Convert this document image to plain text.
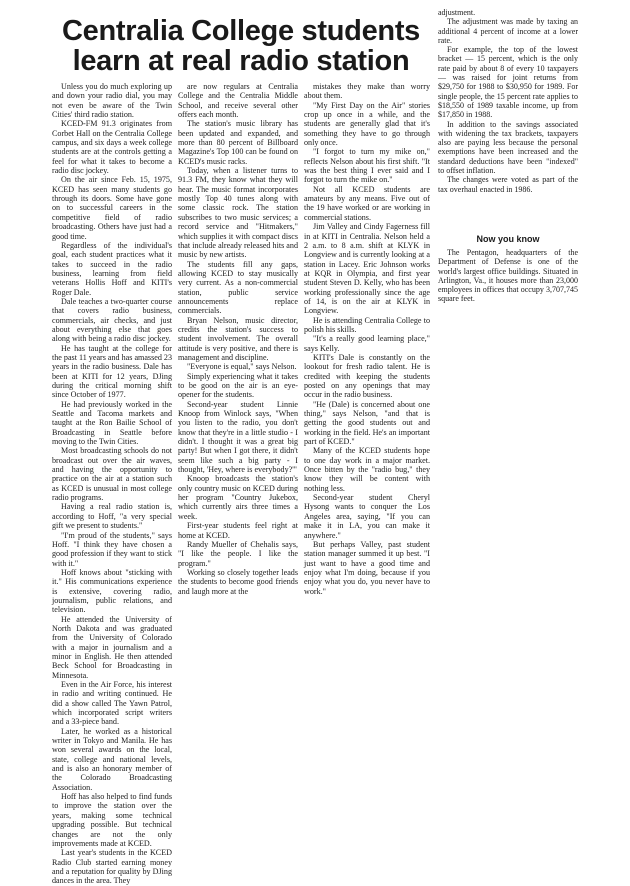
Centralia College students learn at real radio station

Unless you do much exploring up and down your radio dial, you may not even be aware of the Twin Cities' third radio station.

KCED-FM 91.3 originates from Corbet Hall on the Centralia College campus, and six days a week college students are at the controls getting a feel for what it takes to become a radio disc jockey.

On the air since Feb. 15, 1975, KCED has seen many students go through its doors. Some have gone on to successful careers in the competitive field of radio broadcasting. Others have just had a good time.

Regardless of the individual's goal, each student practices what it takes to succeed in the radio business, learning from field veterans Hollis Hoff and KITI's Roger Dale.

Dale teaches a two-quarter course that covers radio business, commercials, air checks, and just about everything else that goes along with being a radio disc jockey.

He has taught at the college for the past 11 years and has amassed 23 years in the radio business. Dale has been at KITI for 12 years, DJing during the critical morning shift since October of 1977.

He had previously worked in the Seattle and Tacoma markets and taught at the Ron Bailie School of Broadcasting in Seattle before moving to the Twin Cities.

Most broadcasting schools do not broadcast out over the air waves, and having the opportunity to practice on the air at a station such as KCED is unusual in most college radio programs.

Having a real radio station is, according to Hoff, "a very special gift we present to students."

"I'm proud of the students," says Hoff. "I think they have chosen a good profession if they want to stick with it."

Hoff knows about "sticking with it." His communications experience is extensive, covering radio, journalism, public relations, and television.

He attended the University of North Dakota and was graduated from the University of Colorado with a major in journalism and a minor in English. He then attended Beck School for Broadcasting in Minnesota.

Even in the Air Force, his interest in radio and writing continued. He did a show called The Yawn Patrol, which incorporated script writers and a 33-piece band.

Later, he worked as a historical writer in Tokyo and Manila. He has won several awards on the local, state, college and national levels, and is also an honorary member of the Colorado Broadcasting Association.

Hoff has also helped to find funds to improve the station over the years, making some technical upgrading possible. But technical changes are not the only improvements made at KCED.

Last year's students in the KCED Radio Club started earning money and a reputation for quality by DJing dances in the area. They

are now regulars at Centralia College and the Centralia Middle School, and receive several other offers each month.

The station's music library has been updated and expanded, and more than 80 percent of Billboard Magazine's Top 100 can be found on KCED's music racks.

Today, when a listener turns to 91.3 FM, they know what they will hear. The music format incorporates mostly Top 40 tunes along with some classic rock. The station subscribes to two music services; a record service and "Hitmakers," which supplies it with compact discs that include already released hits and music by new artists.

The students fill any gaps, allowing KCED to stay musically very current. As a non-commercial station, public service announcements replace commercials.

Bryan Nelson, music director, credits the station's success to student involvement. The overall attitude is very positive, and there is management and discipline.

"Everyone is equal," says Nelson.

Simply experiencing what it takes to be good on the air is an eye-opener for the students.

Second-year student Linnie Knoop from Winlock says, "When you listen to the radio, you don't know that they're in a little studio - I didn't. I thought it was a great big party! But when I got there, it didn't seem like such a big party - I thought, 'Hey, where is everybody?'"

Knoop broadcasts the station's only country music on KCED during her program "Country Jukebox, which currently airs three times a week.

First-year students feel right at home at KCED.

Randy Mueller of Chehalis says, "I like the people. I like the program."

Working so closely together leads the students to become good friends and laugh more at the

mistakes they make than worry about them.

"My First Day on the Air" stories crop up once in a while, and the students are generally glad that it's something they have to go through only once.

"I forgot to turn my mike on," reflects Nelson about his first shift. "It was the best thing I ever said and I forgot to turn the mike on."

Not all KCED students are amateurs by any means. Five out of the 19 have worked or are working in commercial stations.

Jim Valley and Cindy Fagerness fill in at KITI in Centralia. Nelson held a 2 a.m. to 8 a.m. shift at KLYK in Longview and is currently looking at a station in Lacey. Eric Johnson works at KQR in Olympia, and first year student Steven D. Kelly, who has been working professionally since the age of 14, is on the air at KLYK in Longview.

He is attending Centralia College to polish his skills.

"It's a really good learning place," says Kelly.

KITI's Dale is constantly on the lookout for fresh radio talent. He is credited with keeping the students posted on any openings that may occur in the radio business.

"He (Dale) is concerned about one thing," says Nelson, "and that is getting the good students out and working in the field. He's an important part of KCED."

Many of the KCED students hope to one day work in a major market. Once bitten by the "radio bug," they know they will be content with nothing less.

Second-year student Cheryl Hysong wants to conquer the Los Angeles area, saying, "If you can make it in LA, you can make it anywhere."

But perhaps Valley, past student station manager summed it up best. "I just want to have a good time and enjoy what I'm doing, because if you enjoy what you do, you never have to work."

adjustment.

The adjustment was made by taxing an additional 4 percent of income at a lower rate.

For example, the top of the lowest bracket — 15 percent, which is the only rate paid by about 8 of every 10 taxpayers — was raised for joint returns from $29,750 for 1988 to $30,950 for 1989. For single people, the 15 percent rate applies to $18,550 of 1989 taxable income, up from $17,850 in 1988.

In addition to the savings associated with widening the tax brackets, taxpayers also are paying less because the personal exemptions have been increased and the standard deductions have been "indexed" to offset inflation.

The changes were voted as part of the tax overhaul enacted in 1986.

Now you know

The Pentagon, headquarters of the Department of Defense is one of the world's largest office buildings. Situated in Arlington, Va., it houses more than 23,000 employees in offices that occupy 3,707,745 square feet.
